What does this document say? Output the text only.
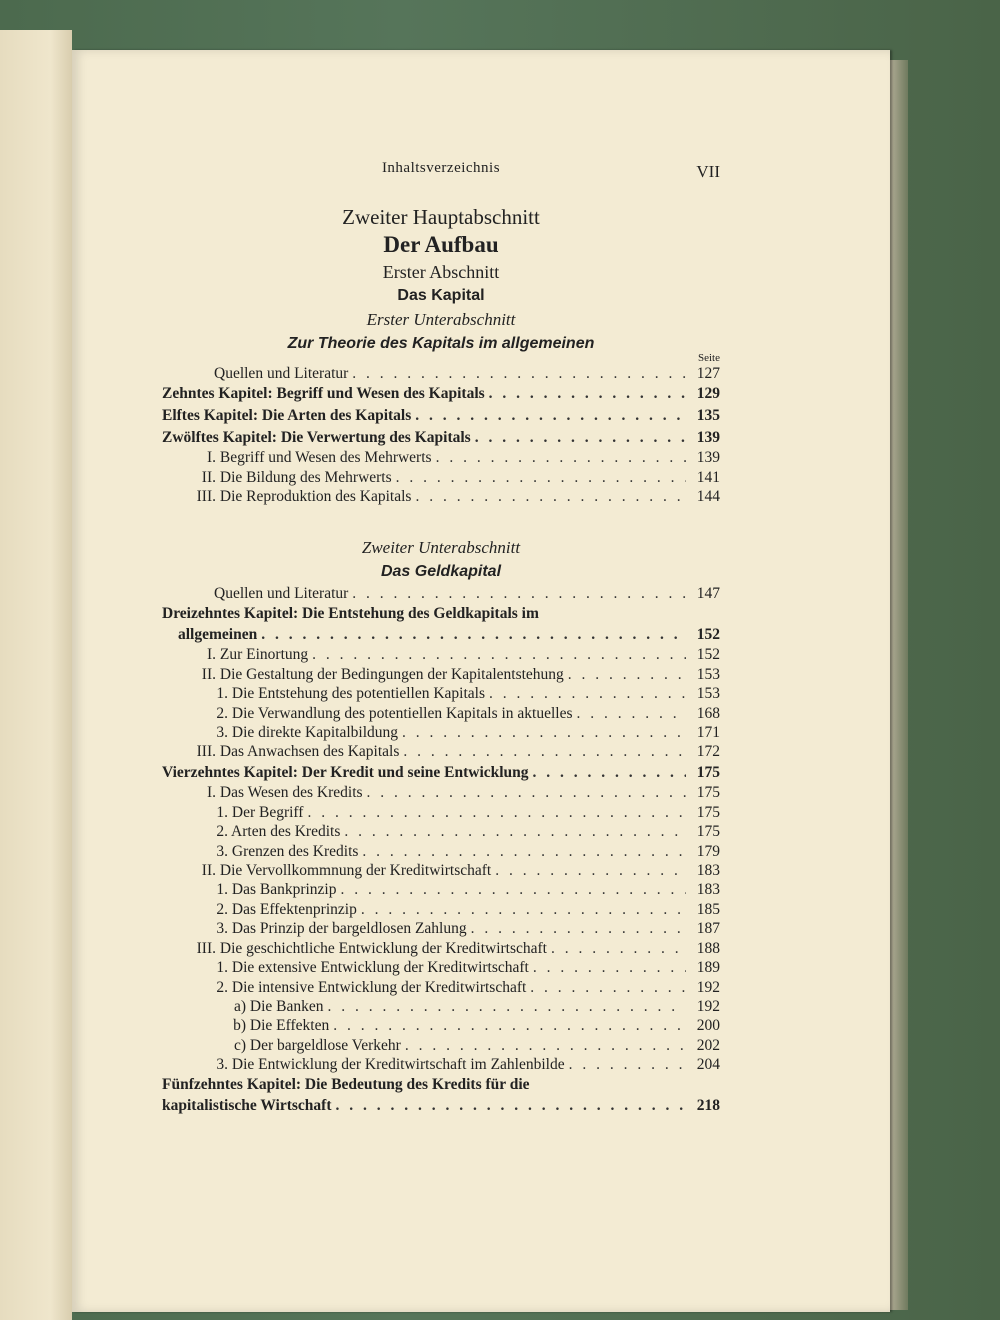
Inhaltsverzeichnis	VII
Zweiter Hauptabschnitt
Der Aufbau
Erster Abschnitt
Das Kapital
Erster Unterabschnitt
Zur Theorie des Kapitals im allgemeinen
Seite
Quellen und Literatur . . .	127
Zehntes Kapitel: Begriff und Wesen des Kapitals . . .	129
Elftes Kapitel: Die Arten des Kapitals . . .	135
Zwölftes Kapitel: Die Verwertung des Kapitals . . .	139
I. Begriff und Wesen des Mehrwerts . . .	139
II. Die Bildung des Mehrwerts . . .	141
III. Die Reproduktion des Kapitals . . .	144
Zweiter Unterabschnitt
Das Geldkapital
Quellen und Literatur . . .	147
Dreizehntes Kapitel: Die Entstehung des Geldkapitals im
allgemeinen . . .	152
I. Zur Einortung . . .	152
II. Die Gestaltung der Bedingungen der Kapitalentstehung . . .	153
1. Die Entstehung des potentiellen Kapitals . . .	153
2. Die Verwandlung des potentiellen Kapitals in aktuelles . . .	168
3. Die direkte Kapitalbildung . . .	171
III. Das Anwachsen des Kapitals . . .	172
Vierzehntes Kapitel: Der Kredit und seine Entwicklung . . .	175
I. Das Wesen des Kredits . . .	175
1. Der Begriff . . .	175
2. Arten des Kredits . . .	175
3. Grenzen des Kredits . . .	179
II. Die Vervollkommnung der Kreditwirtschaft . . .	183
1. Das Bankprinzip . . .	183
2. Das Effektenprinzip . . .	185
3. Das Prinzip der bargeldlosen Zahlung . . .	187
III. Die geschichtliche Entwicklung der Kreditwirtschaft . . .	188
1. Die extensive Entwicklung der Kreditwirtschaft . . .	189
2. Die intensive Entwicklung der Kreditwirtschaft . . .	192
a) Die Banken . . .	192
b) Die Effekten . . .	200
c) Der bargeldlose Verkehr . . .	202
3. Die Entwicklung der Kreditwirtschaft im Zahlenbilde . . .	204
Fünfzehntes Kapitel: Die Bedeutung des Kredits für die
kapitalistische Wirtschaft . . .	218
